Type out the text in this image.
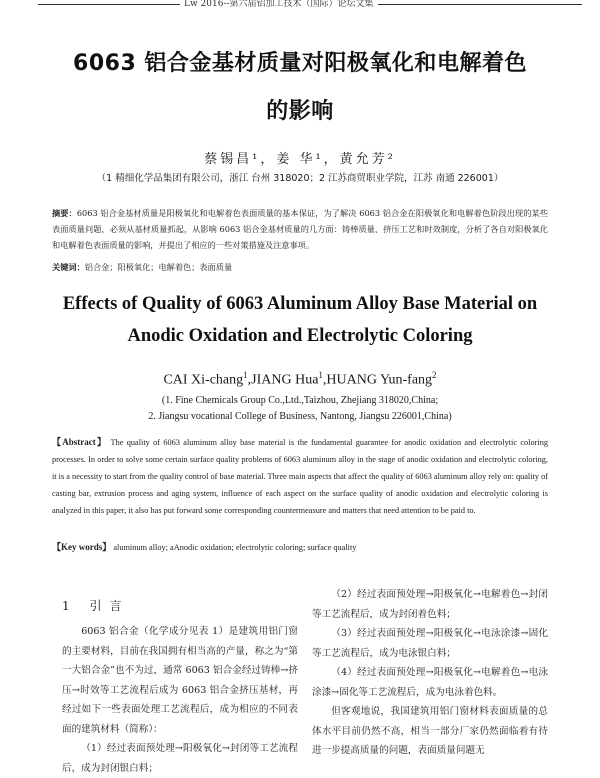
Lw 2016--第六届铝加工技术（国际）论坛文集
6063 铝合金基材质量对阳极氧化和电解着色
的影响
蔡锡昌¹，姜 华¹，黄允芳²
（1 精细化学品集团有限公司，浙江 台州 318020；2 江苏商贸职业学院，江苏 南通 226001）
摘要：6063 铝合金基材质量是阳极氧化和电解着色表面质量的基本保证，为了解决 6063 铝合金在阳极氧化和电解着色阶段出现的某些表面质量问题，必须从基材质量抓起，从影响 6063 铝合金基材质量的几方面：铸棒质量、挤压工艺和时效制度，分析了各自对阳极氧化和电解着色表面质量的影响，并提出了相应的一些对策措施及注意事项。
关键词：铝合金；阳极氧化；电解着色；表面质量
Effects of Quality of 6063 Aluminum Alloy Base Material on
Anodic Oxidation and Electrolytic Coloring
CAI Xi-chang$^1$,JIANG Hua$^1$,HUANG Yun-fang$^2$
(1. Fine Chemicals Group Co.,Ltd.,Taizhou, Zhejiang 318020,China;
2. Jiangsu vocational College of Business, Nantong, Jiangsu 226001,China)
【Abstract】 The quality of 6063 aluminum alloy base material is the fundamental guarantee for anodic oxidation and electrolytic coloring processes. In order to solve some certain surface quality problems of 6063 aluminum alloy in the stage of anodic oxidation and electrolytic coloring, it is a necessity to start from the quality control of base material. Three main aspects that affect the quality of 6063 aluminum alloy rely on: quality of casting bar, extrusion process and aging system, influence of each aspect on the surface quality of anodic oxidation and electrolytic coloring is analyzed in this paper, it also has put forward some corresponding countermeasure and matters that need attention to be paid to.
【Key words】 aluminum alloy; aAnodic oxidation; electrolytic coloring; surface quality
1 引言

6063 铝合金（化学成分见表 1）是建筑用铝门窗的主要材料，目前在我国拥有相当高的产量，称之为“第一大铝合金”也不为过，通常 6063 铝合金经过铸棒→挤压→时效等工艺流程后成为 6063 铝合金挤压基材，再经过如下一些表面处理工艺流程后，成为相应的不同表面的建筑材料（简称）：

（1）经过表面预处理→阳极氧化→封闭等工艺流程后，成为封闭银白料；

（2）经过表面预处理→阳极氧化→电解着色→封闭等工艺流程后，成为封闭着色料；

（3）经过表面预处理→阳极氧化→电泳涂漆→固化等工艺流程后，成为电泳银白料；

（4）经过表面预处理→阳极氧化→电解着色→电泳涂漆→固化等工艺流程后，成为电泳着色料。

但客观地说，我国建筑用铝门窗材料表面质量的总体水平目前仍然不高，相当一部分厂家仍然面临着有待进一步提高质量的问题，表面质量问题无
